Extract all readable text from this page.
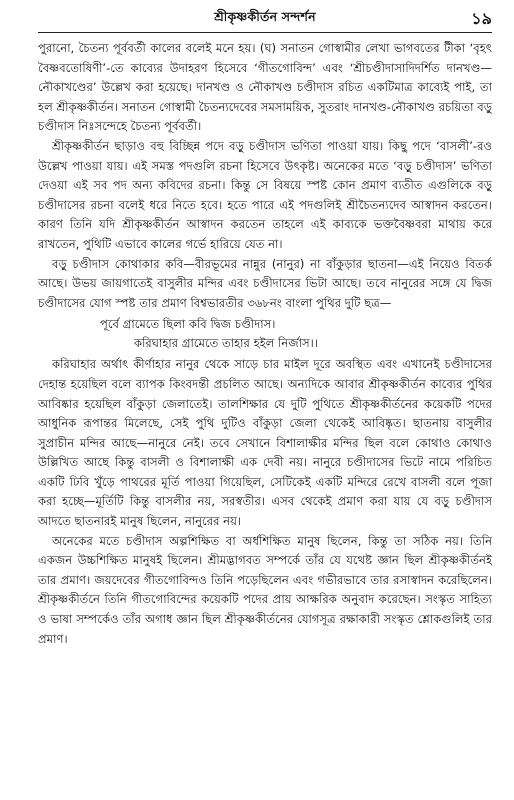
শ্রীকৃষ্ণকীর্তন সন্দর্শন	১৯

পুরানো, চৈতন্য পূর্ববর্তী কালের বলেই মনে হয়। (ঘ) সনাতন গোস্বামীর লেখা ভাগবতের টীকা ‘বৃহৎ বৈষ্ণবতোষিণী’-তে কাব্যের উদাহরণ হিসেবে ‘গীতগোবিন্দ’ এবং ‘শ্রীচণ্ডীদাসাদিদর্শিত দানখণ্ড—নৌকাখণ্ডের’ উল্লেখ করা হয়েছে। দানখণ্ড ও নৌকাখণ্ড চণ্ডীদাস রচিত একটিমাত্র কাব্যেই পাই, তা হল শ্রীকৃষ্ণকীর্তন। সনাতন গোস্বামী চৈতন্যদেবের সমসাময়িক, সুতরাং দানখণ্ড-নৌকাখণ্ড রচয়িতা বড়ু চণ্ডীদাস নিঃসন্দেহে চৈতন্য পূর্ববর্তী।

শ্রীকৃষ্ণকীর্তন ছাড়াও বহু বিচ্ছিন্ন পদে বড়ু চণ্ডীদাস ভণিতা পাওয়া যায়। কিছু পদে ‘বাসলী’-রও উল্লেখ পাওয়া যায়। এই সমস্ত পদগুলি রচনা হিসেবে উৎকৃষ্ট। অনেকের মতে ‘বড়ু চণ্ডীদাস’ ভণিতা দেওয়া এই সব পদ অন্য কবিদের রচনা। কিন্তু সে বিষয়ে স্পষ্ট কোন প্রমাণ ব্যতীত এগুলিকে বড়ু চণ্ডীদাসের রচনা বলেই ধরে নিতে হবে। হতে পারে এই পদগুলিই শ্রীচৈতন্যদেব আস্বাদন করতেন। কারণ তিনি যদি শ্রীকৃষ্ণকীর্তন আস্বাদন করতেন তাহলে এই কাব্যকে ভক্তবৈষ্ণবরা মাথায় করে রাখতেন, পুথিটি এভাবে কালের গর্ভে হারিয়ে যেত না।

বড়ু চণ্ডীদাস কোথাকার কবি—বীরভূমের নান্নুর (নানুর) না বাঁকুড়ার ছাতনা—এই নিয়েও বিতর্ক আছে। উভয় জায়গাতেই বাসুলীর মন্দির এবং চণ্ডীদাসের ভিটা আছে। তবে নানুরের সঙ্গে যে দ্বিজ চণ্ডীদাসের যোগ স্পষ্ট তার প্রমাণ বিশ্বভারতীর ৩৬৮নং বাংলা পুথির দুটি ছত্র—

পূর্বে গ্রামেতে ছিলা কবি দ্বিজ চণ্ডীদাস।
করিঘাহার গ্রামেতে তাহার হইল নির্জাস।।

করিঘাহার অর্থাৎ কীর্ণাহার নানুর থেকে সাড়ে চার মাইল দূরে অবস্থিত এবং এখানেই চণ্ডীদাসের দেহান্ত হয়েছিল বলে ব্যাপক কিংবদন্তী প্রচলিত আছে। অন্যদিকে আবার শ্রীকৃষ্ণকীর্তন কাব্যের পুথির আবিষ্কার হয়েছিল বাঁকুড়া জেলাতেই। তালশিক্ষার যে দুটি পুথিতে শ্রীকৃষ্ণকীর্তনের কয়েকটি পদের আধুনিক রূপান্তর মিলেছে, সেই পুথি দুটিও বাঁকুড়া জেলা থেকেই আবিষ্কৃত। ছাতনায় বাসুলীর সুপ্রাচীন মন্দির আছে—নানুরে নেই। তবে সেখানে বিশালাক্ষীর মন্দির ছিল বলে কোথাও কোথাও উল্লিখিত আছে কিন্তু বাসলী ও বিশালাক্ষী এক দেবী নয়। নানুরে চণ্ডীদাসের ভিটে নামে পরিচিত একটি ঢিবি খুঁড়ে পাথরের মূর্তি পাওয়া গিয়েছিল, সেটিকেই একটি মন্দিরে রেখে বাসলী বলে পূজা করা হচ্ছে—মূর্তিটি কিন্তু বাসলীর নয়, সরস্বতীর। এসব থেকেই প্রমাণ করা যায় যে বড়ু চণ্ডীদাস আদতে ছাতনারই মানুষ ছিলেন, নানুরের নয়।

অনেকের মতে চণ্ডীদাস অল্পশিক্ষিত বা অর্ধশিক্ষিত মানুষ ছিলেন, কিন্তু তা সঠিক নয়। তিনি একজন উচ্চশিক্ষিত মানুষই ছিলেন। শ্রীমদ্ভাগবত সম্পর্কে তাঁর যে যথেষ্ট জ্ঞান ছিল শ্রীকৃষ্ণকীর্তনই তার প্রমাণ। জয়দেবের গীতগোবিন্দও তিনি পড়েছিলেন এবং গভীরভাবে তার রসাস্বাদন করেছিলেন। শ্রীকৃষ্ণকীর্তনে তিনি গীতগোবিন্দের কয়েকটি পদের প্রায় আক্ষরিক অনুবাদ করেছেন। সংস্কৃত সাহিত্য ও ভাষা সম্পর্কেও তাঁর অগাধ জ্ঞান ছিল শ্রীকৃষ্ণকীর্তনের যোগসূত্র রক্ষাকারী সংস্কৃত শ্লোকগুলিই তার প্রমাণ।
